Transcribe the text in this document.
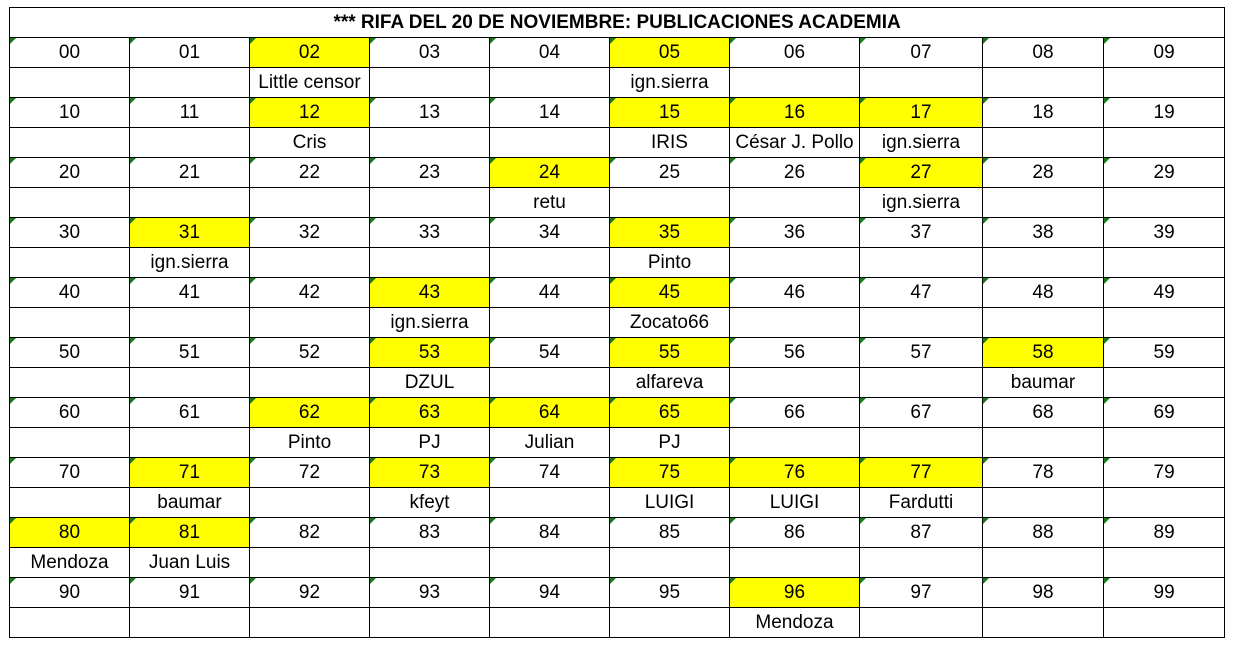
*** RIFA DEL 20 DE NOVIEMBRE: PUBLICACIONES ACADEMIA									

00	01	02	03	04	05	06	07	08	09
		Little censor			ign.sierra				

10	11	12	13	14	15	16	17	18	19
		Cris			IRIS	César J. Pollo	ign.sierra		

20	21	22	23	24	25	26	27	28	29
				retu			ign.sierra		

30	31	32	33	34	35	36	37	38	39
	ign.sierra				Pinto				

40	41	42	43	44	45	46	47	48	49
			ign.sierra		Zocato66				

50	51	52	53	54	55	56	57	58	59
			DZUL		alfareva			baumar	

60	61	62	63	64	65	66	67	68	69
		Pinto	PJ	Julian	PJ				

70	71	72	73	74	75	76	77	78	79
	baumar		kfeyt		LUIGI	LUIGI	Fardutti		

80	81	82	83	84	85	86	87	88	89
Mendoza	Juan Luis								

90	91	92	93	94	95	96	97	98	99
						Mendoza			
